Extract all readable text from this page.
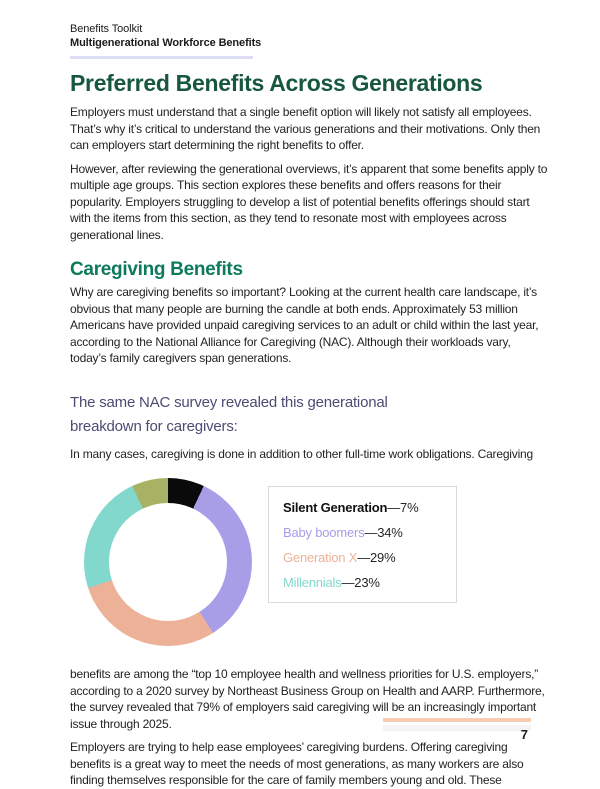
Benefits Toolkit
Multigenerational Workforce Benefits
Preferred Benefits Across Generations

Employers must understand that a single benefit option will likely not satisfy all employees. That’s why it’s critical to understand the various generations and their motivations. Only then can employers start determining the right benefits to offer.

However, after reviewing the generational overviews, it’s apparent that some benefits apply to multiple age groups. This section explores these benefits and offers reasons for their popularity. Employers struggling to develop a list of potential benefits offerings should start with the items from this section, as they tend to resonate most with employees across generational lines.

Caregiving Benefits

Why are caregiving benefits so important? Looking at the current health care landscape, it’s obvious that many people are burning the candle at both ends. Approximately 53 million Americans have provided unpaid caregiving services to an adult or child within the last year, according to the National Alliance for Caregiving (NAC). Although their workloads vary, today’s family caregivers span generations.

The same NAC survey revealed this generational breakdown for caregivers:

In many cases, caregiving is done in addition to other full-time work obligations. Caregiving

Silent Generation—7%
Baby boomers—34%
Generation X—29%
Millennials—23%

benefits are among the “top 10 employee health and wellness priorities for U.S. employers,” according to a 2020 survey by Northeast Business Group on Health and AARP. Furthermore, the survey revealed that 79% of employers said caregiving will be an increasingly important issue through 2025.

Employers are trying to help ease employees’ caregiving burdens. Offering caregiving benefits is a great way to meet the needs of most generations, as many workers are also finding themselves responsible for the care of family members young and old. These

7
